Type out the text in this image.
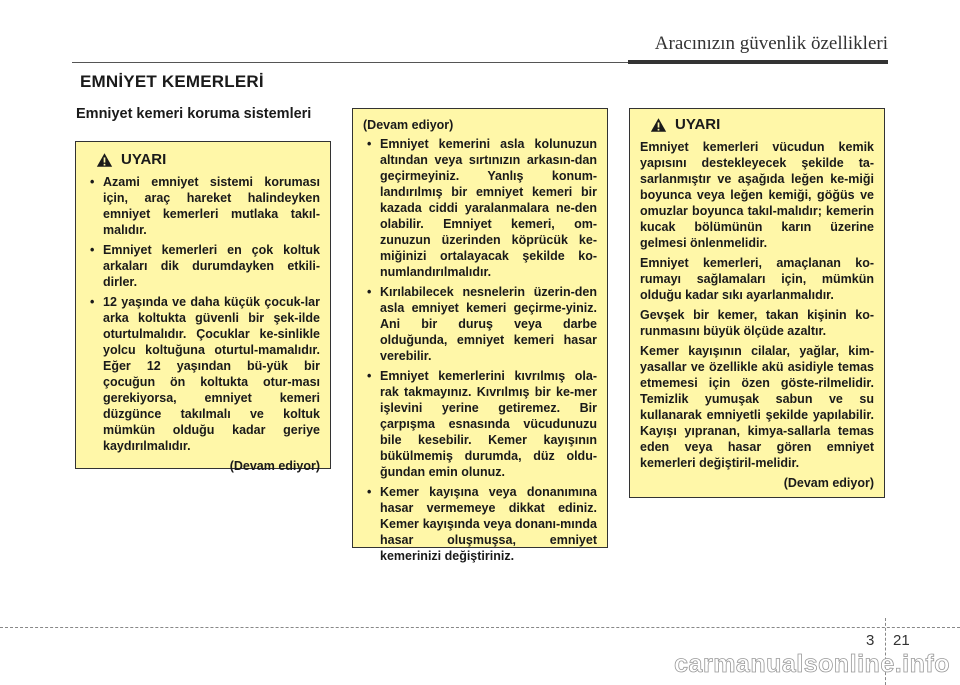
Aracınızın güvenlik özellikleri
EMNİYET KEMERLERİ
Emniyet kemeri koruma sistemleri
UYARI
• Azami emniyet sistemi koruması için, araç hareket halindeyken emniyet kemerleri mutlaka takıl-malıdır.
• Emniyet kemerleri en çok koltuk arkaları dik durumdayken etkili-dirler.
• 12 yaşında ve daha küçük çocuk-lar arka koltukta güvenli bir şek-ilde oturtulmalıdır. Çocuklar ke-sinlikle yolcu koltuğuna oturtul-mamalıdır. Eğer 12 yaşından bü-yük bir çocuğun ön koltukta otur-ması gerekiyorsa, emniyet kemeri düzgünce takılmalı ve koltuk mümkün olduğu kadar geriye kaydırılmalıdır.
(Devam ediyor)
(Devam ediyor)
• Emniyet kemerini asla kolunuzun altından veya sırtınızın arkasın-dan geçirmeyiniz. Yanlış konum-landırılmış bir emniyet kemeri bir kazada ciddi yaralanmalara ne-den olabilir. Emniyet kemeri, om-zunuzun üzerinden köprücük ke-miğinizi ortalayacak şekilde ko-numlandırılmalıdır.
• Kırılabilecek nesnelerin üzerin-den asla emniyet kemeri geçirme-yiniz. Ani bir duruş veya darbe olduğunda, emniyet kemeri hasar verebilir.
• Emniyet kemerlerini kıvrılmış ola-rak takmayınız. Kıvrılmış bir ke-mer işlevini yerine getiremez. Bir çarpışma esnasında vücudunuzu bile kesebilir. Kemer kayışının bükülmemiş durumda, düz oldu-ğundan emin olunuz.
• Kemer kayışına veya donanımına hasar vermemeye dikkat ediniz. Kemer kayışında veya donanı-mında hasar oluşmuşsa, emniyet kemerinizi değiştiriniz.
UYARI

Emniyet kemerleri vücudun kemik yapısını destekleyecek şekilde ta-sarlanmıştır ve aşağıda leğen ke-miği boyunca veya leğen kemiği, göğüs ve omuzlar boyunca takıl-malıdır; kemerin kucak bölümünün karın üzerine gelmesi önlenmelidir.

Emniyet kemerleri, amaçlanan ko-rumayı sağlamaları için, mümkün olduğu kadar sıkı ayarlanmalıdır.

Gevşek bir kemer, takan kişinin ko-runmasını büyük ölçüde azaltır.

Kemer kayışının cilalar, yağlar, kim-yasallar ve özellikle akü asidiyle temas etmemesi için özen göste-rilmelidir. Temizlik yumuşak sabun ve su kullanarak emniyetli şekilde yapılabilir. Kayışı yıpranan, kimya-sallarla temas eden veya hasar gören emniyet kemerleri değiştiril-melidir.

(Devam ediyor)
3 21
carmanualsonline.info
